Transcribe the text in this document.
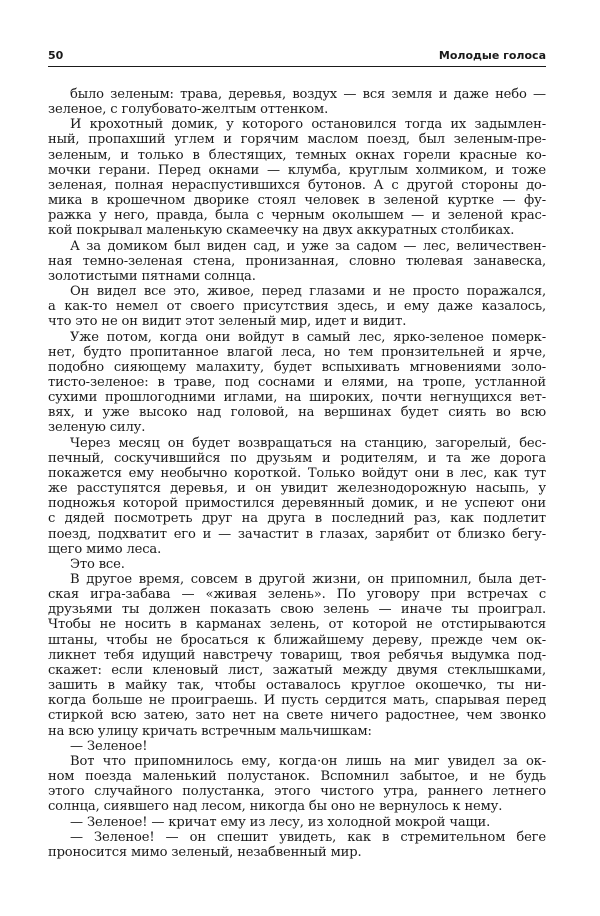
50	Молодые голоса
было зеленым: трава, деревья, воздух — вся земля и даже небо —
зеленое, с голубовато-желтым оттенком.
И крохотный домик, у которого остановился тогда их задымлен-
ный, пропахший углем и горячим маслом поезд, был зеленым-пре-
зеленым, и только в блестящих, темных окнах горели красные ко-
мочки герани. Перед окнами — клумба, круглым холмиком, и тоже
зеленая, полная нераспустившихся бутонов. А с другой стороны до-
мика в крошечном дворике стоял человек в зеленой куртке — фу-
ражка у него, правда, была с черным околышем — и зеленой крас-
кой покрывал маленькую скамеечку на двух аккуратных столбиках.
А за домиком был виден сад, и уже за садом — лес, величествен-
ная темно-зеленая стена, пронизанная, словно тюлевая занавеска,
золотистыми пятнами солнца.
Он видел все это, живое, перед глазами и не просто поражался,
а как-то немел от своего присутствия здесь, и ему даже казалось,
что это не он видит этот зеленый мир, идет и видит.
Уже потом, когда они войдут в самый лес, ярко-зеленое померк-
нет, будто пропитанное влагой леса, но тем пронзительней и ярче,
подобно сияющему малахиту, будет вспыхивать мгновениями золо-
тисто-зеленое: в траве, под соснами и елями, на тропе, устланной
сухими прошлогодними иглами, на широких, почти негнущихся вет-
вях, и уже высоко над головой, на вершинах будет сиять во всю
зеленую силу.
Через месяц он будет возвращаться на станцию, загорелый, бес-
печный, соскучившийся по друзьям и родителям, и та же дорога
покажется ему необычно короткой. Только войдут они в лес, как тут
же расступятся деревья, и он увидит железнодорожную насыпь, у
подножья которой примостился деревянный домик, и не успеют они
с дядей посмотреть друг на друга в последний раз, как подлетит
поезд, подхватит его и — зачастит в глазах, зарябит от близко бегу-
щего мимо леса.
Это все.
В другое время, совсем в другой жизни, он припомнил, была дет-
ская игра-забава — «живая зелень». По уговору при встречах с
друзьями ты должен показать свою зелень — иначе ты проиграл.
Чтобы не носить в карманах зелень, от которой не отстирываются
штаны, чтобы не бросаться к ближайшему дереву, прежде чем ок-
ликнет тебя идущий навстречу товарищ, твоя ребячья выдумка под-
скажет: если кленовый лист, зажатый между двумя стеклышками,
зашить в майку так, чтобы оставалось круглое окошечко, ты ни-
когда больше не проиграешь. И пусть сердится мать, спарывая перед
стиркой всю затею, зато нет на свете ничего радостнее, чем звонко
на всю улицу кричать встречным мальчишкам:
— Зеленое!
Вот что припомнилось ему, когда·он лишь на миг увидел за ок-
ном поезда маленький полустанок. Вспомнил забытое, и не будь
этого случайного полустанка, этого чистого утра, раннего летнего
солнца, сиявшего над лесом, никогда бы оно не вернулось к нему.
— Зеленое! — кричат ему из лесу, из холодной мокрой чащи.
— Зеленое! — он спешит увидеть, как в стремительном беге
проносится мимо зеленый, незабвенный мир.
